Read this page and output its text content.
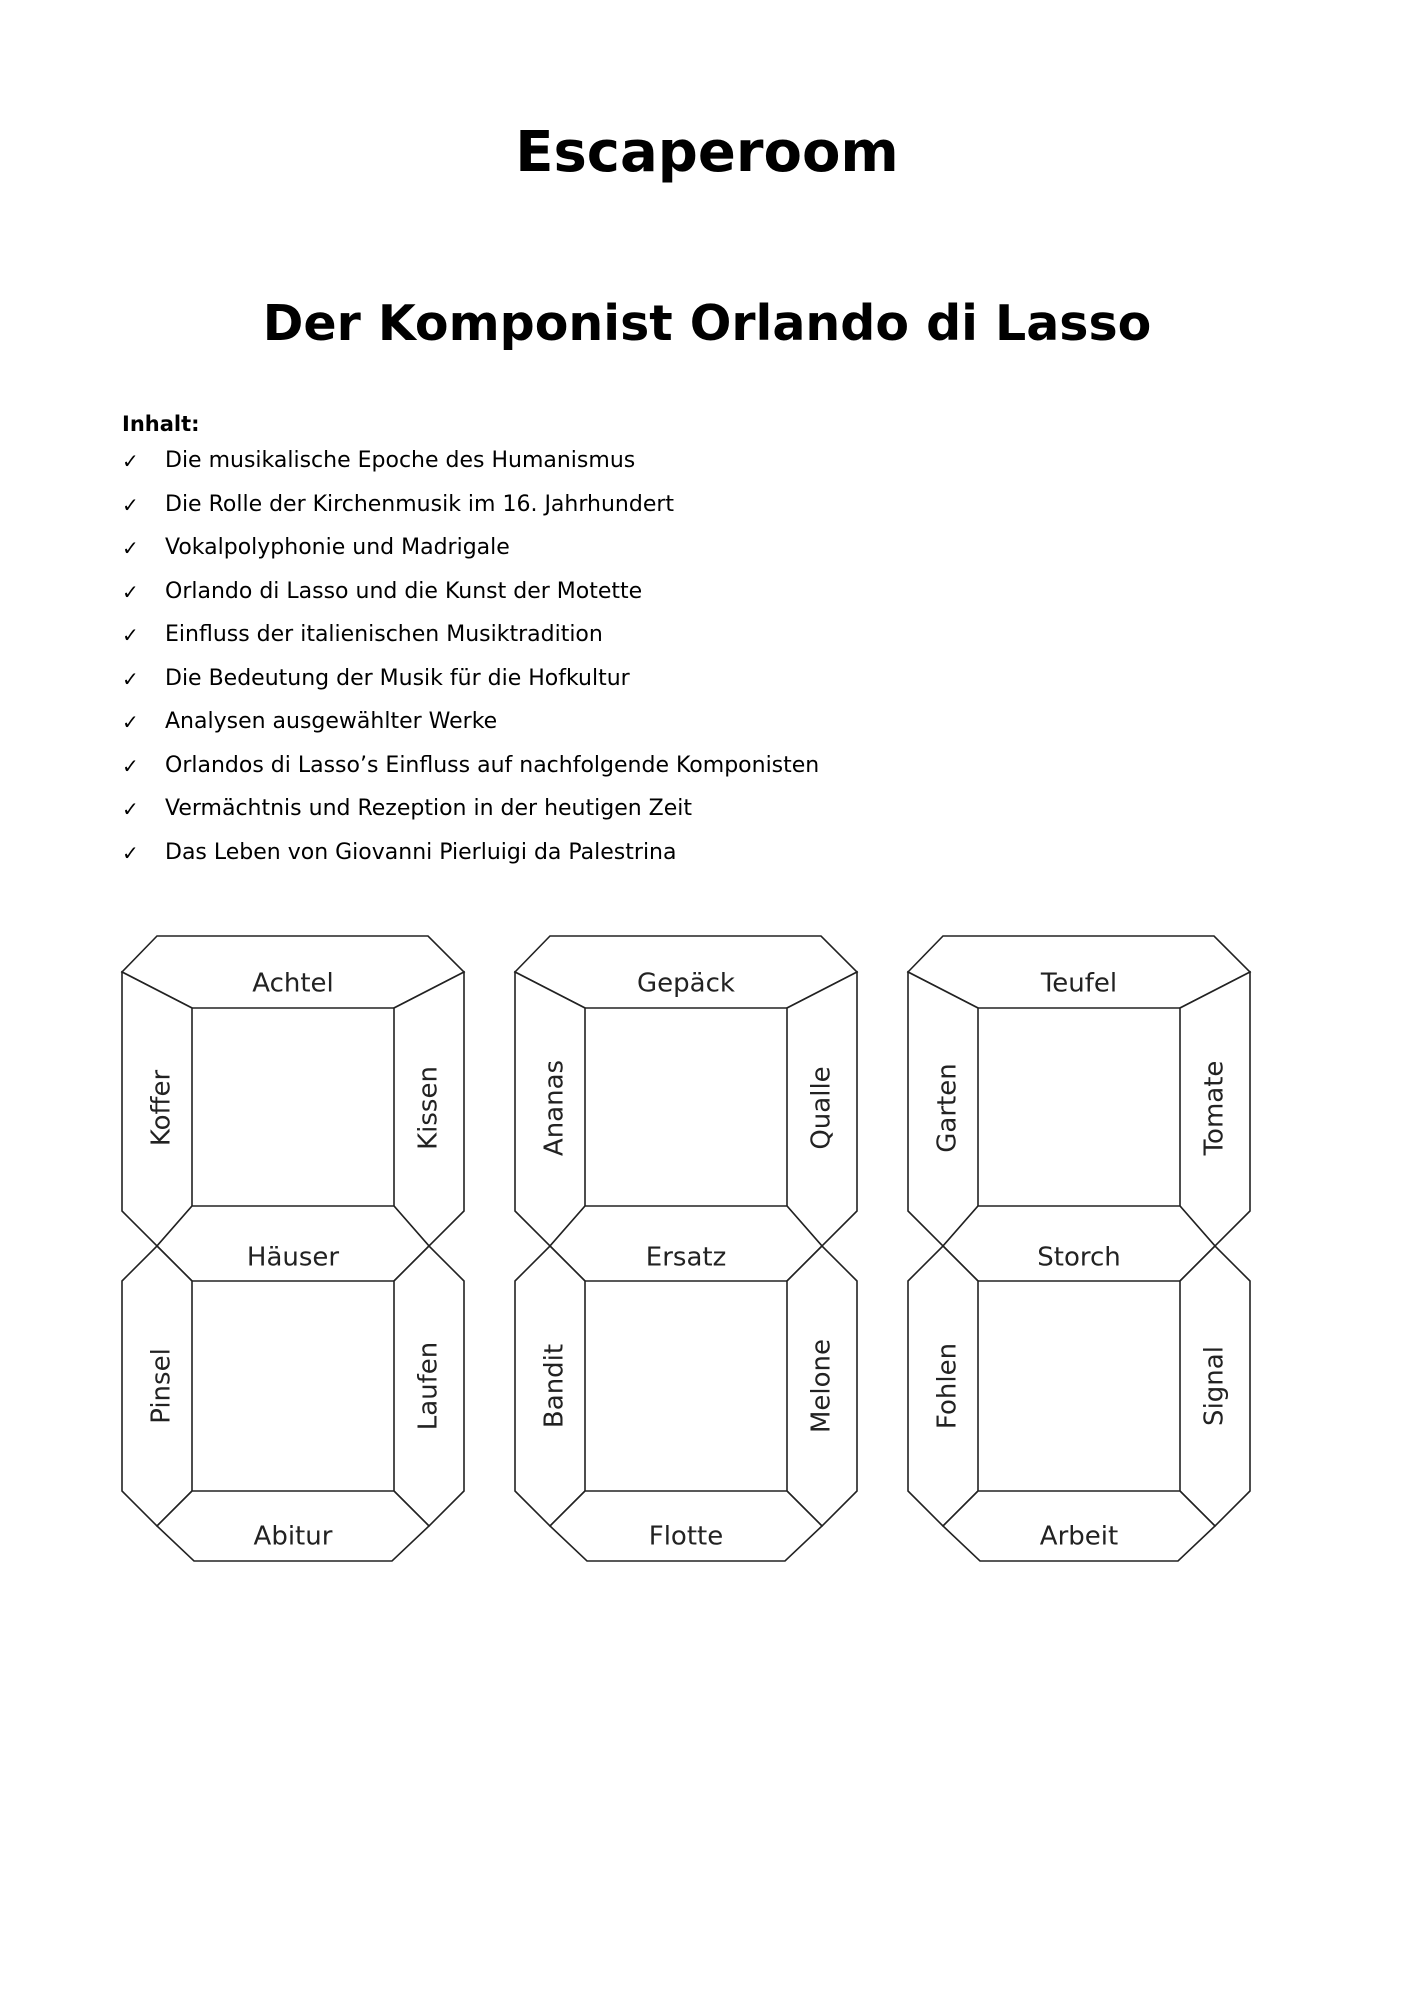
Escaperoom
Der Komponist Orlando di Lasso
Inhalt:
✓ Die musikalische Epoche des Humanismus
✓ Die Rolle der Kirchenmusik im 16. Jahrhundert
✓ Vokalpolyphonie und Madrigale
✓ Orlando di Lasso und die Kunst der Motette
✓ Einfluss der italienischen Musiktradition
✓ Die Bedeutung der Musik für die Hofkultur
✓ Analysen ausgewählter Werke
✓ Orlandos di Lasso’s Einfluss auf nachfolgende Komponisten
✓ Vermächtnis und Rezeption in der heutigen Zeit
✓ Das Leben von Giovanni Pierluigi da Palestrina
Achtel
Koffer	Kissen
Häuser
Pinsel	Laufen
Abitur
Gepäck
Ananas	Qualle
Ersatz
Bandit	Melone
Flotte
Teufel
Garten	Tomate
Storch
Fohlen	Signal
Arbeit
